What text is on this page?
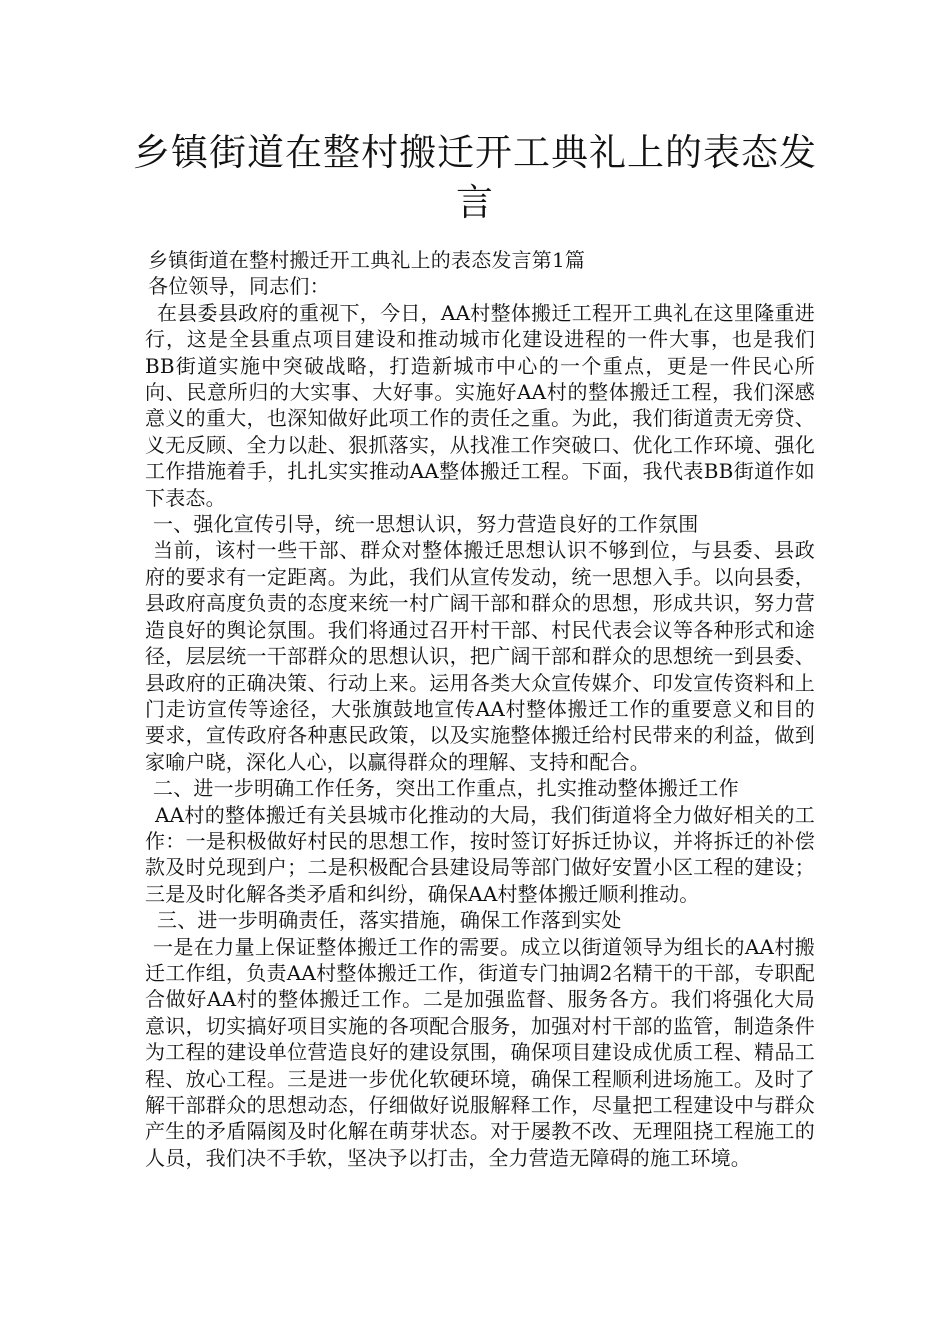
乡镇街道在整村搬迁开工典礼上的表态发言

乡镇街道在整村搬迁开工典礼上的表态发言第1篇

各位领导，同志们：

在县委县政府的重视下，今日，AA村整体搬迁工程开工典礼在这里隆重进行，这是全县重点项目建设和推动城市化建设进程的一件大事，也是我们BB街道实施中突破战略，打造新城市中心的一个重点，更是一件民心所向、民意所归的大实事、大好事。实施好AA村的整体搬迁工程，我们深感意义的重大，也深知做好此项工作的责任之重。为此，我们街道责无旁贷、义无反顾、全力以赴、狠抓落实，从找准工作突破口、优化工作环境、强化工作措施着手，扎扎实实推动AA整体搬迁工程。下面，我代表BB街道作如下表态。

一、强化宣传引导，统一思想认识，努力营造良好的工作氛围

当前，该村一些干部、群众对整体搬迁思想认识不够到位，与县委、县政府的要求有一定距离。为此，我们从宣传发动，统一思想入手。以向县委，县政府高度负责的态度来统一村广阔干部和群众的思想，形成共识，努力营造良好的舆论氛围。我们将通过召开村干部、村民代表会议等各种形式和途径，层层统一干部群众的思想认识，把广阔干部和群众的思想统一到县委、县政府的正确决策、行动上来。运用各类大众宣传媒介、印发宣传资料和上门走访宣传等途径，大张旗鼓地宣传AA村整体搬迁工作的重要意义和目的要求，宣传政府各种惠民政策，以及实施整体搬迁给村民带来的利益，做到家喻户晓，深化人心，以赢得群众的理解、支持和配合。

二、进一步明确工作任务，突出工作重点，扎实推动整体搬迁工作

AA村的整体搬迁有关县城市化推动的大局，我们街道将全力做好相关的工作：一是积极做好村民的思想工作，按时签订好拆迁协议，并将拆迁的补偿款及时兑现到户；二是积极配合县建设局等部门做好安置小区工程的建设；三是及时化解各类矛盾和纠纷，确保AA村整体搬迁顺利推动。

三、进一步明确责任，落实措施，确保工作落到实处

一是在力量上保证整体搬迁工作的需要。成立以街道领导为组长的AA村搬迁工作组，负责AA村整体搬迁工作，街道专门抽调2名精干的干部，专职配合做好AA村的整体搬迁工作。二是加强监督、服务各方。我们将强化大局意识，切实搞好项目实施的各项配合服务，加强对村干部的监管，制造条件为工程的建设单位营造良好的建设氛围，确保项目建设成优质工程、精品工程、放心工程。三是进一步优化软硬环境，确保工程顺利进场施工。及时了解干部群众的思想动态，仔细做好说服解释工作，尽量把工程建设中与群众产生的矛盾隔阂及时化解在萌芽状态。对于屡教不改、无理阻挠工程施工的人员，我们决不手软，坚决予以打击，全力营造无障碍的施工环境。
